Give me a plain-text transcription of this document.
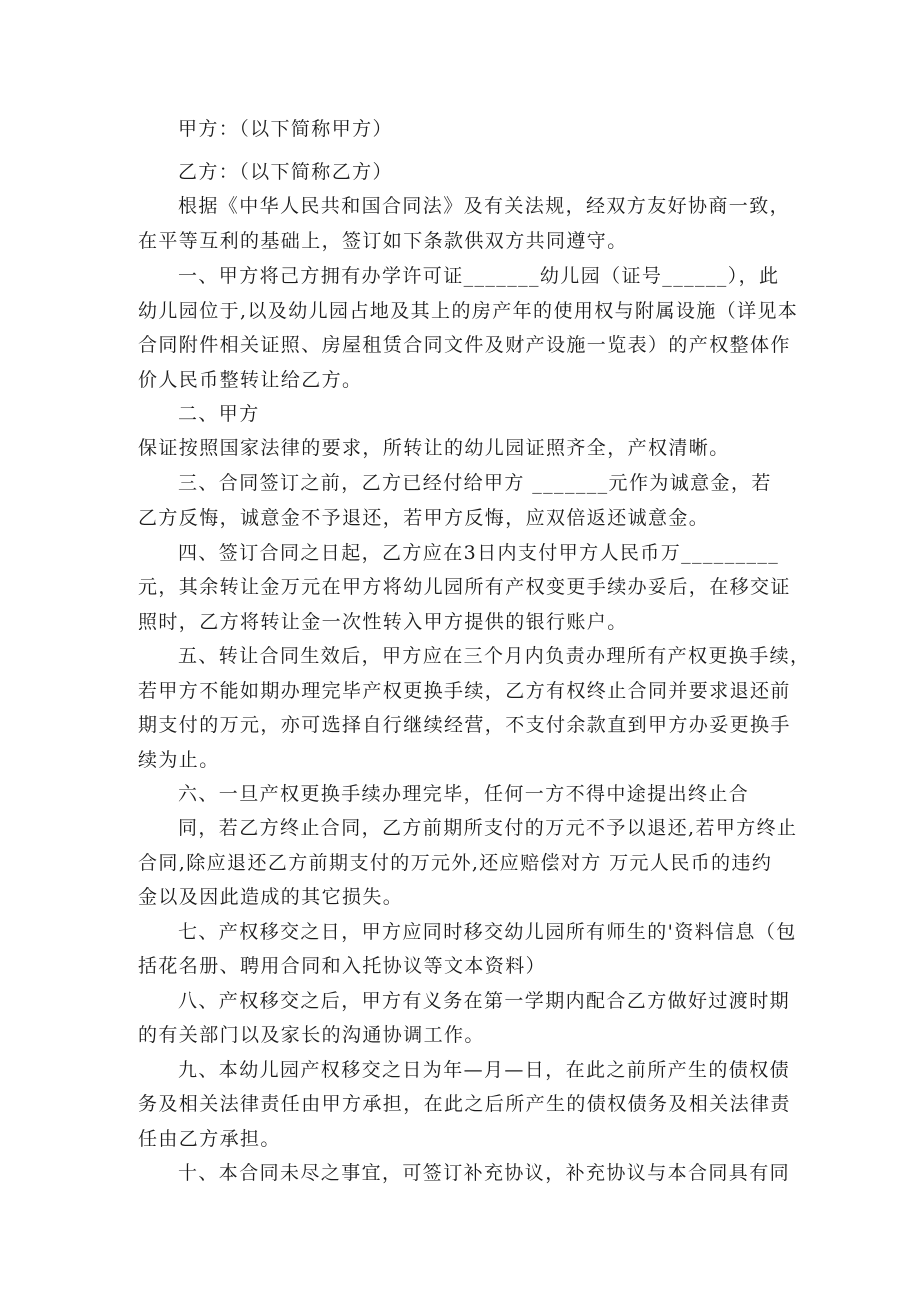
甲方：（以下简称甲方）
乙方：（以下简称乙方）
根据《中华人民共和国合同法》及有关法规，经双方友好协商一致，
在平等互利的基础上，签订如下条款供双方共同遵守。
一、甲方将己方拥有办学许可证_______幼儿园（证号______），此
幼儿园位于,以及幼儿园占地及其上的房产年的使用权与附属设施（详见本
合同附件相关证照、房屋租赁合同文件及财产设施一览表）的产权整体作
价人民币整转让给乙方。
二、甲方
保证按照国家法律的要求，所转让的幼儿园证照齐全，产权清晰。
三、合同签订之前，乙方已经付给甲方 _______元作为诚意金，若
乙方反悔，诚意金不予退还，若甲方反悔，应双倍返还诚意金。
四、签订合同之日起，乙方应在3日内支付甲方人民币万_________
元，其余转让金万元在甲方将幼儿园所有产权变更手续办妥后，在移交证
照时，乙方将转让金一次性转入甲方提供的银行账户。
五、转让合同生效后，甲方应在三个月内负责办理所有产权更换手续，
若甲方不能如期办理完毕产权更换手续，乙方有权终止合同并要求退还前
期支付的万元，亦可选择自行继续经营，不支付余款直到甲方办妥更换手
续为止。
六、一旦产权更换手续办理完毕，任何一方不得中途提出终止合
同，若乙方终止合同，乙方前期所支付的万元不予以退还,若甲方终止
合同,除应退还乙方前期支付的万元外,还应赔偿对方 万元人民币的违约
金以及因此造成的其它损失。
七、产权移交之日，甲方应同时移交幼儿园所有师生的'资料信息（包
括花名册、聘用合同和入托协议等文本资料）
八、产权移交之后，甲方有义务在第一学期内配合乙方做好过渡时期
的有关部门以及家长的沟通协调工作。
九、本幼儿园产权移交之日为年—月—日，在此之前所产生的债权债
务及相关法律责任由甲方承担，在此之后所产生的债权债务及相关法律责
任由乙方承担。
十、本合同未尽之事宜，可签订补充协议，补充协议与本合同具有同
